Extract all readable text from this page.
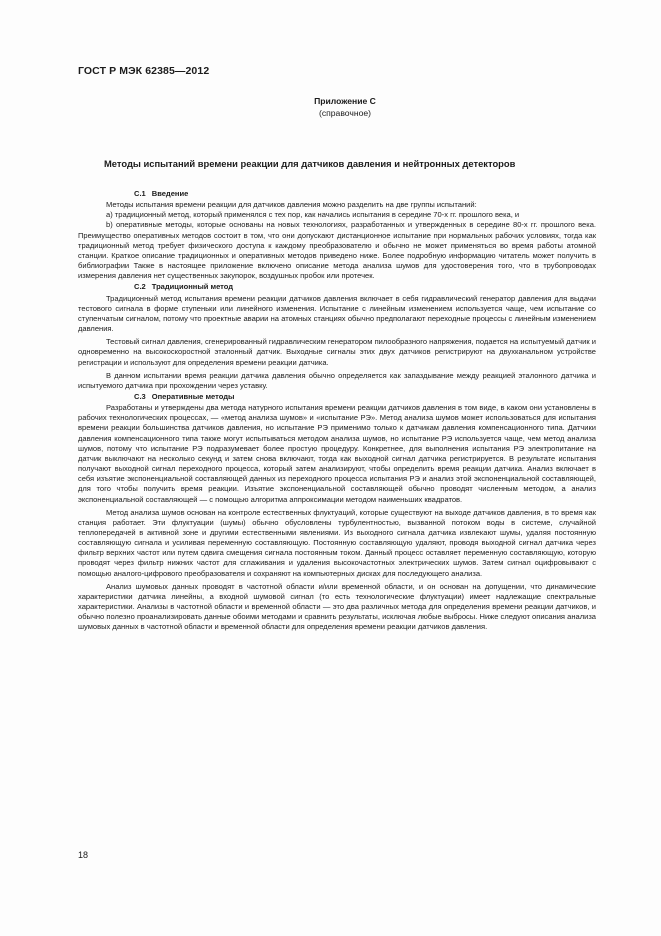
ГОСТ Р МЭК 62385—2012
Приложение С
(справочное)
Методы испытаний времени реакции для датчиков давления и нейтронных детекторов

С.1 Введение

Методы испытания времени реакции для датчиков давления можно разделить на две группы испытаний:

а) традиционный метод, который применялся с тех пор, как начались испытания в середине 70-х гг. прошлого века, и

b) оперативные методы, которые основаны на новых технологиях, разработанных и утвержденных в середине 80-х гг. прошлого века. Преимущество оперативных методов состоит в том, что они допускают дистанционное испытание при нормальных рабочих условиях, тогда как традиционный метод требует физического доступа к каждому преобразователю и обычно не может применяться во время работы атомной станции. Краткое описание традиционных и оперативных методов приведено ниже. Более подробную информацию читатель может получить в библиографии Также в настоящее приложение включено описание метода анализа шумов для удостоверения того, что в трубопроводах измерения давления нет существенных закупорок, воздушных пробок или протечек.

С.2 Традиционный метод

Традиционный метод испытания времени реакции датчиков давления включает в себя гидравлический генератор давления для выдачи тестового сигнала в форме ступеньки или линейного изменения. Испытание с линейным изменением используется чаще, чем испытание со ступенчатым сигналом, потому что проектные аварии на атомных станциях обычно предполагают переходные процессы с линейным изменением давления.

Тестовый сигнал давления, сгенерированный гидравлическим генератором пилообразного напряжения, подается на испытуемый датчик и одновременно на высокоскоростной эталонный датчик. Выходные сигналы этих двух датчиков регистрируют на двухканальном устройстве регистрации и используют для определения времени реакции датчика.

В данном испытании время реакции датчика давления обычно определяется как запаздывание между реакцией эталонного датчика и испытуемого датчика при прохождении через уставку.

С.3 Оперативные методы

Разработаны и утверждены два метода натурного испытания времени реакции датчиков давления в том виде, в каком они установлены в рабочих технологических процессах, — «метод анализа шумов» и «испытание РЭ». Метод анализа шумов может использоваться для испытания времени реакции большинства датчиков давления, но испытание РЭ применимо только к датчикам давления компенсационного типа. Датчики давления компенсационного типа также могут испытываться методом анализа шумов, но испытание РЭ используется чаще, чем метод анализа шумов, потому что испытание РЭ подразумевает более простую процедуру. Конкретнее, для выполнения испытания РЭ электропитание на датчик выключают на несколько секунд и затем снова включают, тогда как выходной сигнал датчика регистрируется. В результате испытания получают выходной сигнал переходного процесса, который затем анализируют, чтобы определить время реакции датчика. Анализ включает в себя изъятие экспоненциальной составляющей данных из переходного процесса испытания РЭ и анализ этой экспоненциальной составляющей, для того чтобы получить время реакции. Изъятие экспоненциальной составляющей обычно проводят численным методом, а анализ экспоненциальной составляющей — с помощью алгоритма аппроксимации методом наименьших квадратов.

Метод анализа шумов основан на контроле естественных флуктуаций, которые существуют на выходе датчиков давления, в то время как станция работает. Эти флуктуации (шумы) обычно обусловлены турбулентностью, вызванной потоком воды в системе, случайной теплопередачей в активной зоне и другими естественными явлениями. Из выходного сигнала датчика извлекают шумы, удаляя постоянную составляющую сигнала и усиливая переменную составляющую. Постоянную составляющую удаляют, проводя выходной сигнал датчика через фильтр верхних частот или путем сдвига смещения сигнала постоянным током. Данный процесс оставляет переменную составляющую, которую проводят через фильтр нижних частот для сглаживания и удаления высокочастотных электрических шумов. Затем сигнал оцифровывают с помощью аналого-цифрового преобразователя и сохраняют на компьютерных дисках для последующего анализа.

Анализ шумовых данных проводят в частотной области и/или временной области, и он основан на допущении, что динамические характеристики датчика линейны, а входной шумовой сигнал (то есть технологические флуктуации) имеет надлежащие спектральные характеристики. Анализы в частотной области и временной области — это два различных метода для определения времени реакции датчиков, и обычно полезно проанализировать данные обоими методами и сравнить результаты, исключая любые выбросы. Ниже следуют описания анализа шумовых данных в частотной области и временной области для определения времени реакции датчиков давления.

18
